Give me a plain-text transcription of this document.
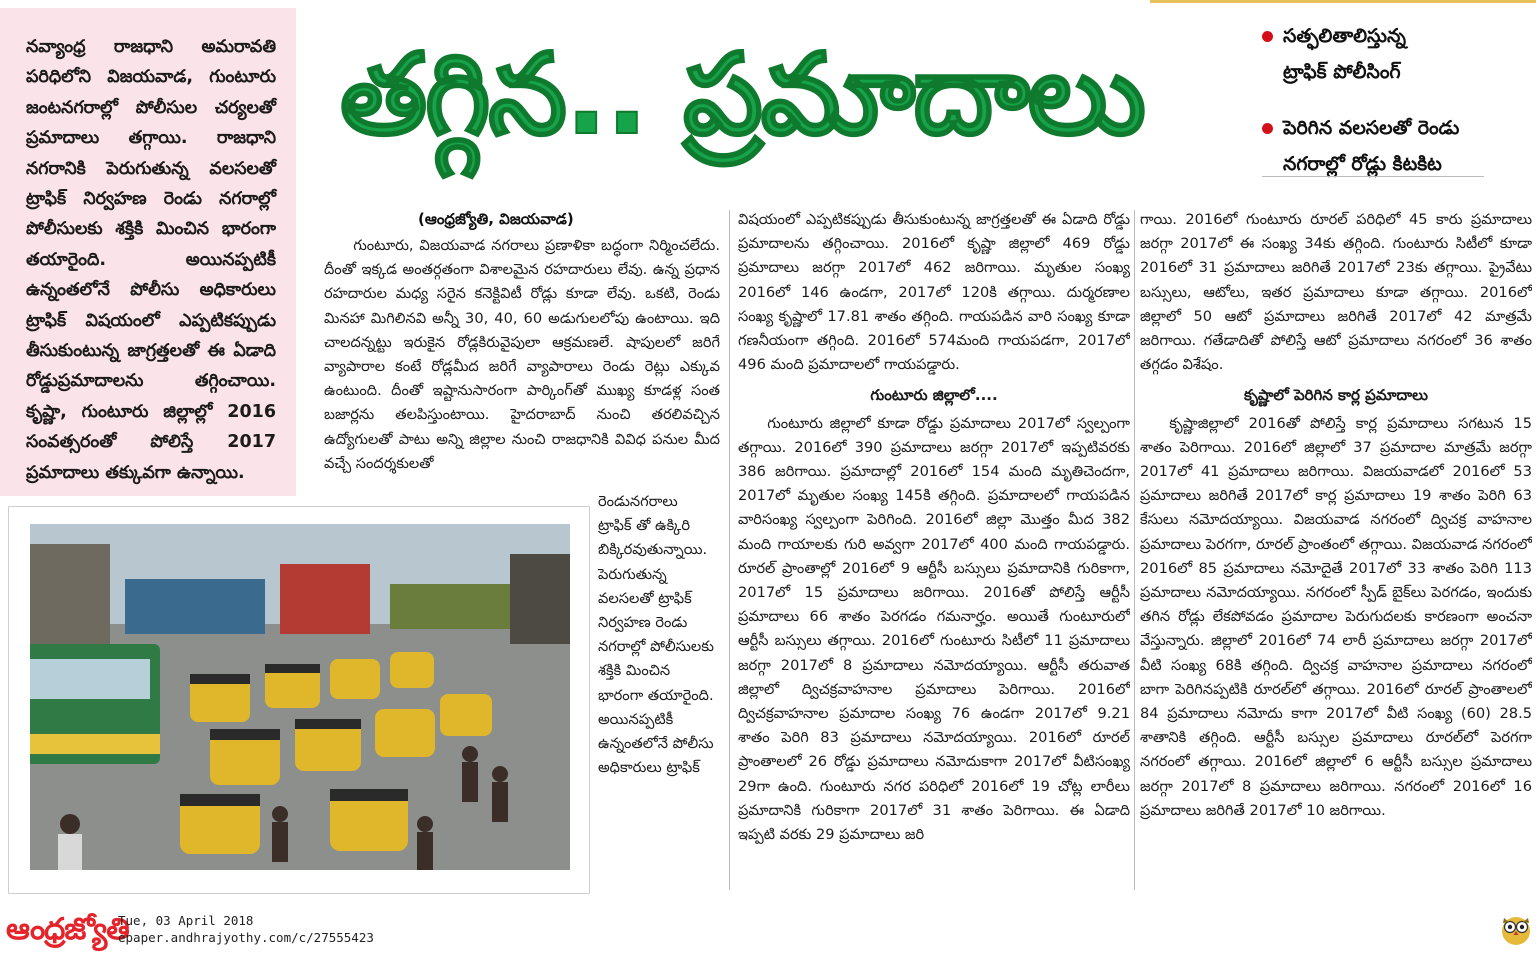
నవ్యాంధ్ర రాజధాని అమరావతి పరిధిలోని విజయవాడ, గుంటూరు జంటనగరాల్లో పోలీసుల చర్యలతో ప్రమాదాలు తగ్గాయి. రాజధాని నగరానికి పెరుగుతున్న వలసలతో ట్రాఫిక్ నిర్వహణ రెండు నగరాల్లో పోలీసులకు శక్తికి మించిన భారంగా తయారైంది. అయినప్పటికీ ఉన్నంతలోనే పోలీసు అధికారులు ట్రాఫిక్ విషయంలో ఎప్పటికప్పుడు తీసుకుంటున్న జాగ్రత్తలతో ఈ ఏడాది రోడ్డుప్రమాదాలను తగ్గించాయి. కృష్ణా, గుంటూరు జిల్లాల్లో 2016 సంవత్సరంతో పోలిస్తే 2017 ప్రమాదాలు తక్కువగా ఉన్నాయి.

తగ్గిన.. ప్రమాదాలు	సత్ఫలితాలిస్తున్న
ట్రాఫిక్ పోలీసింగ్
పెరిగిన వలసలతో రెండు
నగరాల్లో రోడ్లు కిటకిట
(ఆంధ్రజ్యోతి, విజయవాడ)

గుంటూరు, విజయవాడ నగరాలు ప్రణాళికా బద్ధంగా నిర్మించలేదు. దీంతో ఇక్కడ అంతర్గతంగా విశాలమైన రహదారులు లేవు. ఉన్న ప్రధాన రహదారుల మధ్య సరైన కనెక్టివిటీ రోడ్లు కూడా లేవు. ఒకటి, రెండు మినహా మిగిలినవి అన్నీ 30, 40, 60 అడుగులలోపు ఉంటాయి. ఇది చాలదన్నట్టు ఇరుకైన రోడ్లకిరువైపులా ఆక్రమణలే. షాపులలో జరిగే వ్యాపారాల కంటే రోడ్లమీద జరిగే వ్యాపారాలు రెండు రెట్లు ఎక్కువ ఉంటుంది. దీంతో ఇష్టానుసారంగా పార్కింగ్‌తో ముఖ్య కూడళ్ల సంత బజార్లను తలపిస్తుంటాయి. హైదరాబాద్ నుంచి తరలివచ్చిన ఉద్యోగులతో పాటు అన్ని జిల్లాల నుంచి రాజధానికి వివిధ పనుల మీద వచ్చే సందర్శకులతో

రెండునగరాలు ట్రాఫిక్ తో ఉక్కిరి బిక్కిరవుతున్నాయి. పెరుగుతున్న వలసలతో ట్రాఫిక్ నిర్వహణ రెండు నగరాల్లో పోలీసులకు శక్తికి మించిన భారంగా తయారైంది. అయినప్పటికీ ఉన్నంతలోనే పోలీసు అధికారులు ట్రాఫిక్

విషయంలో ఎప్పటికప్పుడు తీసుకుంటున్న జాగ్రత్తలతో ఈ ఏడాది రోడ్డు ప్రమాదాలను తగ్గించాయి. 2016లో కృష్ణా జిల్లాలో 469 రోడ్డు ప్రమాదాలు జరగ్గా 2017లో 462 జరిగాయి. మృతుల సంఖ్య 2016లో 146 ఉండగా, 2017లో 120కి తగ్గాయి. దుర్మరణాల సంఖ్య కృష్ణాలో 17.81 శాతం తగ్గింది. గాయపడిన వారి సంఖ్య కూడా గణనీయంగా తగ్గింది. 2016లో 574మంది గాయపడగా, 2017లో 496 మంది ప్రమాదాలలో గాయపడ్డారు.

గుంటూరు జిల్లాలో....

గుంటూరు జిల్లాలో కూడా రోడ్డు ప్రమాదాలు 2017లో స్వల్పంగా తగ్గాయి. 2016లో 390 ప్రమాదాలు జరగ్గా 2017లో ఇప్పటివరకు 386 జరిగాయి. ప్రమాదాల్లో 2016లో 154 మంది మృతిచెందగా, 2017లో మృతుల సంఖ్య 145కి తగ్గింది. ప్రమాదాలలో గాయపడిన వారిసంఖ్య స్వల్పంగా పెరిగింది. 2016లో జిల్లా మొత్తం మీద 382 మంది గాయాలకు గురి అవ్వగా 2017లో 400 మంది గాయపడ్డారు. రూరల్ ప్రాంతాల్లో 2016లో 9 ఆర్టీసీ బస్సులు ప్రమాదానికి గురికాగా, 2017లో 15 ప్రమాదాలు జరిగాయి. 2016తో పోలిస్తే ఆర్టీసీ ప్రమాదాలు 66 శాతం పెరగడం గమనార్హం. అయితే గుంటూరులో ఆర్టీసీ బస్సులు తగ్గాయి. 2016లో గుంటూరు సిటీలో 11 ప్రమాదాలు జరగ్గా 2017లో 8 ప్రమాదాలు నమోదయ్యాయి. ఆర్టీసీ తరువాత జిల్లాలో ద్విచక్రవాహనాల ప్రమాదాలు పెరిగాయి. 2016లో ద్విచక్రవాహనాల ప్రమాదాల సంఖ్య 76 ఉండగా 2017లో 9.21 శాతం పెరిగి 83 ప్రమాదాలు నమోదయ్యాయి. 2016లో రూరల్ ప్రాంతాలలో 26 రోడ్డు ప్రమాదాలు నమోదుకాగా 2017లో వీటిసంఖ్య 29గా ఉంది. గుంటూరు నగర పరిధిలో 2016లో 19 చోట్ల లారీలు ప్రమాదానికి గురికాగా 2017లో 31 శాతం పెరిగాయి. ఈ ఏడాది ఇప్పటి వరకు 29 ప్రమాదాలు జరి

గాయి. 2016లో గుంటూరు రూరల్ పరిధిలో 45 కారు ప్రమాదాలు జరగ్గా 2017లో ఈ సంఖ్య 34కు తగ్గింది. గుంటూరు సిటీలో కూడా 2016లో 31 ప్రమాదాలు జరిగితే 2017లో 23కు తగ్గాయి. ప్రైవేటు బస్సులు, ఆటోలు, ఇతర ప్రమాదాలు కూడా తగ్గాయి. 2016లో జిల్లాలో 50 ఆటో ప్రమాదాలు జరిగితే 2017లో 42 మాత్రమే జరిగాయి. గతేడాదితో పోలిస్తే ఆటో ప్రమాదాలు నగరంలో 36 శాతం తగ్గడం విశేషం.

కృష్ణాలో పెరిగిన కార్ల ప్రమాదాలు

కృష్ణాజిల్లాలో 2016తో పోలిస్తే కార్ల ప్రమాదాలు సగటున 15 శాతం పెరిగాయి. 2016లో జిల్లాలో 37 ప్రమాదాల మాత్రమే జరగ్గా 2017లో 41 ప్రమాదాలు జరిగాయి. విజయవాడలో 2016లో 53 ప్రమాదాలు జరిగితే 2017లో కార్ల ప్రమాదాలు 19 శాతం పెరిగి 63 కేసులు నమోదయ్యాయి. విజయవాడ నగరంలో ద్విచక్ర వాహనాల ప్రమాదాలు పెరగగా, రూరల్ ప్రాంతంలో తగ్గాయి. విజయవాడ నగరంలో 2016లో 85 ప్రమాదాలు నమోదైతే 2017లో 33 శాతం పెరిగి 113 ప్రమాదాలు నమోదయ్యాయి. నగరంలో స్పీడ్ బైక్‌లు పెరగడం, ఇందుకు తగిన రోడ్లు లేకపోవడం ప్రమాదాల పెరుగుదలకు కారణంగా అంచనా వేస్తున్నారు. జిల్లాలో 2016లో 74 లారీ ప్రమాదాలు జరగ్గా 2017లో వీటి సంఖ్య 68కి తగ్గింది. ద్విచక్ర వాహనాల ప్రమాదాలు నగరంలో బాగా పెరిగినప్పటికి రూరల్‌లో తగ్గాయి. 2016లో రూరల్ ప్రాంతాలలో 84 ప్రమాదాలు నమోదు కాగా 2017లో వీటి సంఖ్య (60) 28.5 శాతానికి తగ్గింది. ఆర్టీసీ బస్సుల ప్రమాదాలు రూరల్‌లో పెరగగా నగరంలో తగ్గాయి. 2016లో జిల్లాలో 6 ఆర్టీసీ బస్సుల ప్రమాదాలు జరగ్గా 2017లో 8 ప్రమాదాలు జరిగాయి. నగరంలో 2016లో 16 ప్రమాదాలు జరిగితే 2017లో 10 జరిగాయి.

ఆంధ్రజ్యోతి
Tue, 03 April 2018
epaper.andhrajyothy.com/c/27555423
